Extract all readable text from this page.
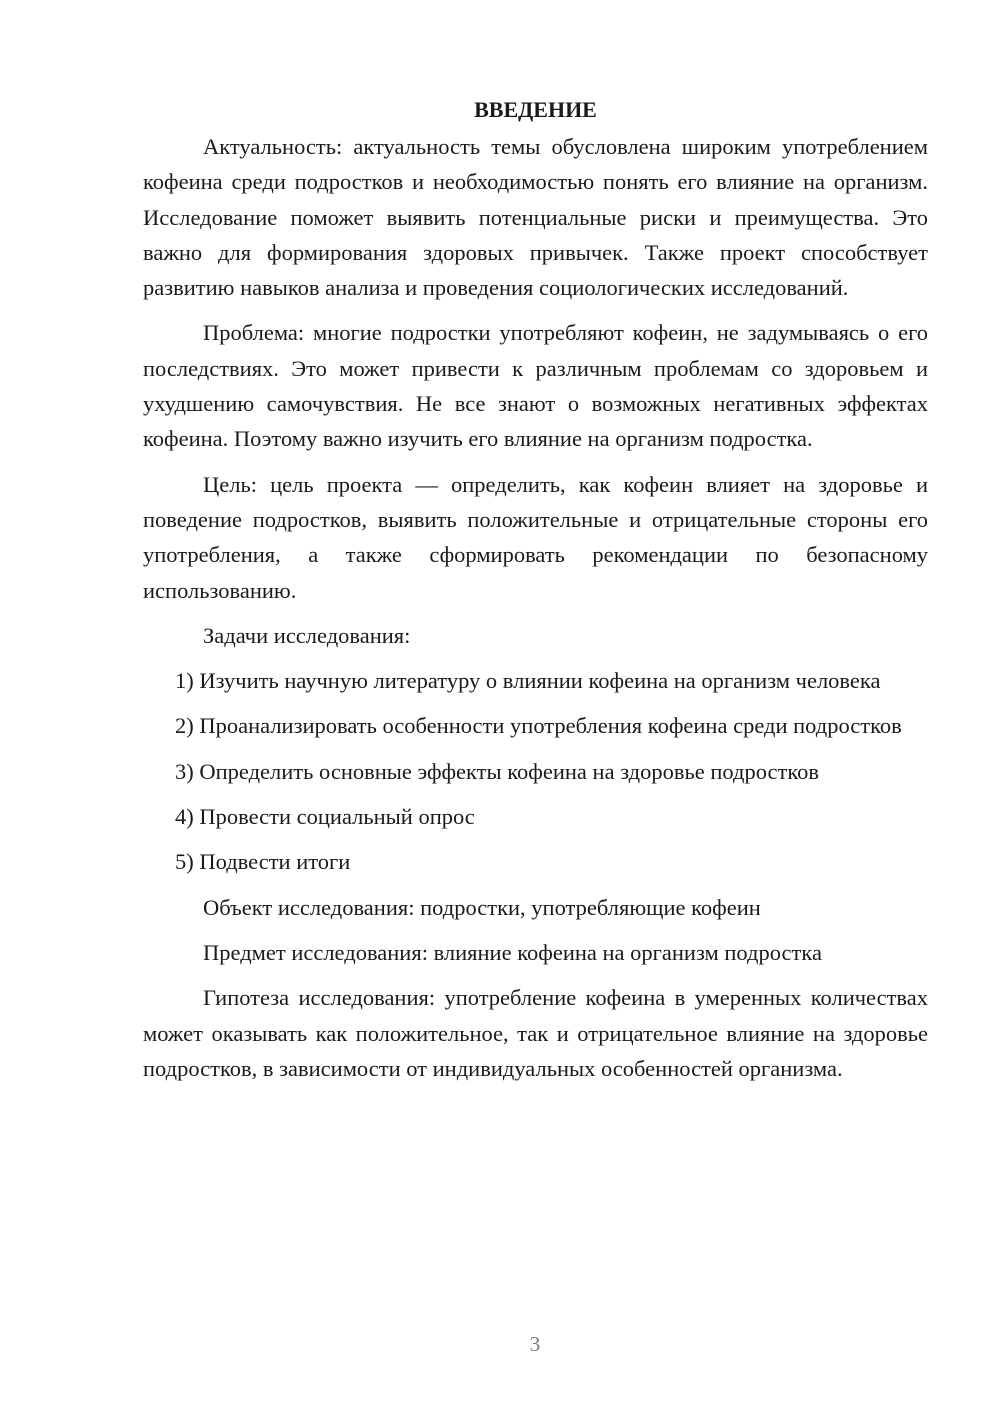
ВВЕДЕНИЕ

Актуальность: актуальность темы обусловлена широким употреблением кофеина среди подростков и необходимостью понять его влияние на организм. Исследование поможет выявить потенциальные риски и преимущества. Это важно для формирования здоровых привычек. Также проект способствует развитию навыков анализа и проведения социологических исследований.

Проблема: многие подростки употребляют кофеин, не задумываясь о его последствиях. Это может привести к различным проблемам со здоровьем и ухудшению самочувствия. Не все знают о возможных негативных эффектах кофеина. Поэтому важно изучить его влияние на организм подростка.

Цель: цель проекта — определить, как кофеин влияет на здоровье и поведение подростков, выявить положительные и отрицательные стороны его употребления, а также сформировать рекомендации по безопасному использованию.

Задачи исследования:

1) Изучить научную литературу о влиянии кофеина на организм человека

2) Проанализировать особенности употребления кофеина среди подростков

3) Определить основные эффекты кофеина на здоровье подростков

4) Провести социальный опрос

5) Подвести итоги

Объект исследования: подростки, употребляющие кофеин

Предмет исследования: влияние кофеина на организм подростка

Гипотеза исследования: употребление кофеина в умеренных количествах может оказывать как положительное, так и отрицательное влияние на здоровье подростков, в зависимости от индивидуальных особенностей организма.

3
